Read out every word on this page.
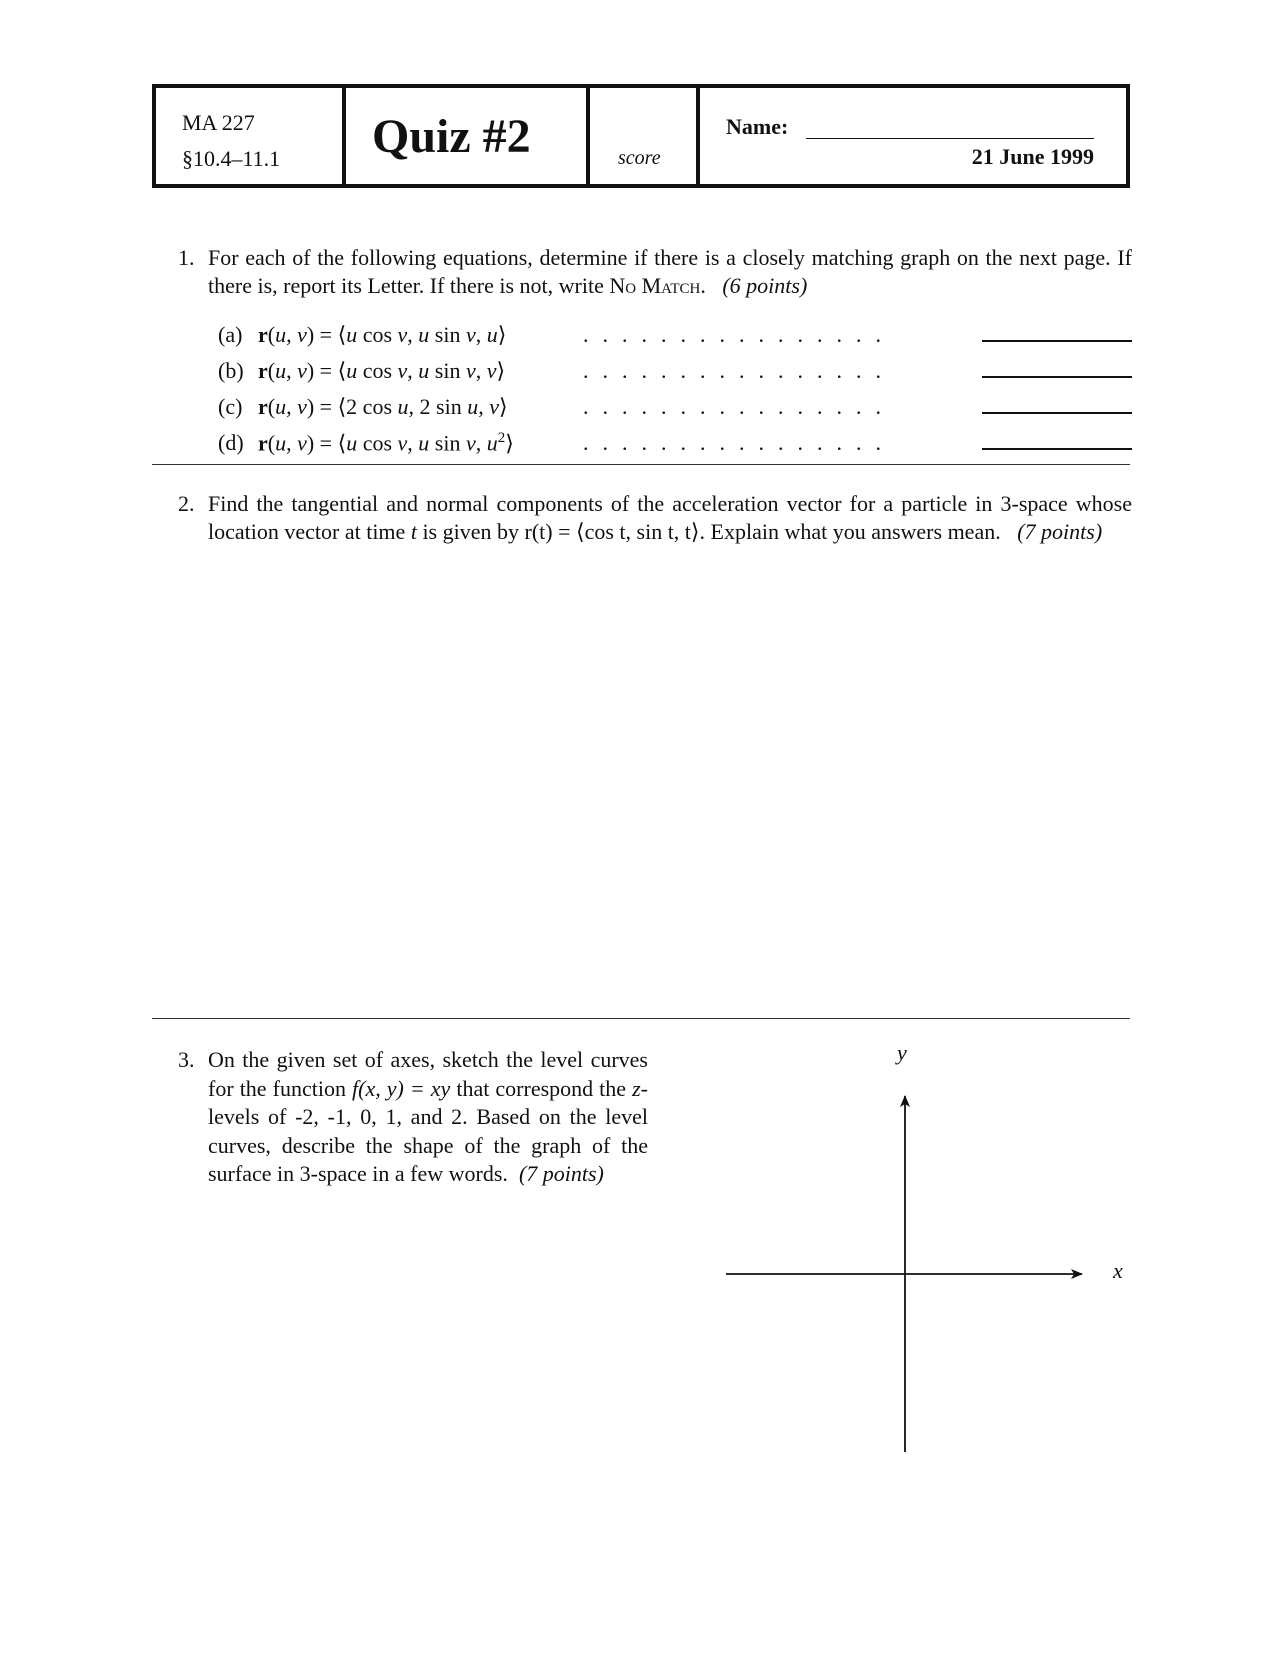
MA 227
§10.4–11.1	Quiz #2	score
Name:
21 June 1999
1. For each of the following equations, determine if there is a closely matching graph on the next page. If there is, report its Letter. If there is not, write No Match. (6 points)
(a) r(u, v) = ⟨u cos v, u sin v, u⟩	................
(b) r(u, v) = ⟨u cos v, u sin v, v⟩	................
(c) r(u, v) = ⟨2 cos u, 2 sin u, v⟩	................
(d) r(u, v) = ⟨u cos v, u sin v, $u^2⟩$	................
2. Find the tangential and normal components of the acceleration vector for a particle in 3-space whose location vector at time t is given by r(t) = ⟨cos t, sin t, t⟩. Explain what you answers mean. (7 points)
3. On the given set of axes, sketch the level curves for the function f(x, y) = xy that correspond the z-levels of -2, -1, 0, 1, and 2. Based on the level curves, describe the shape of the graph of the surface in 3-space in a few words. (7 points)
x
y
